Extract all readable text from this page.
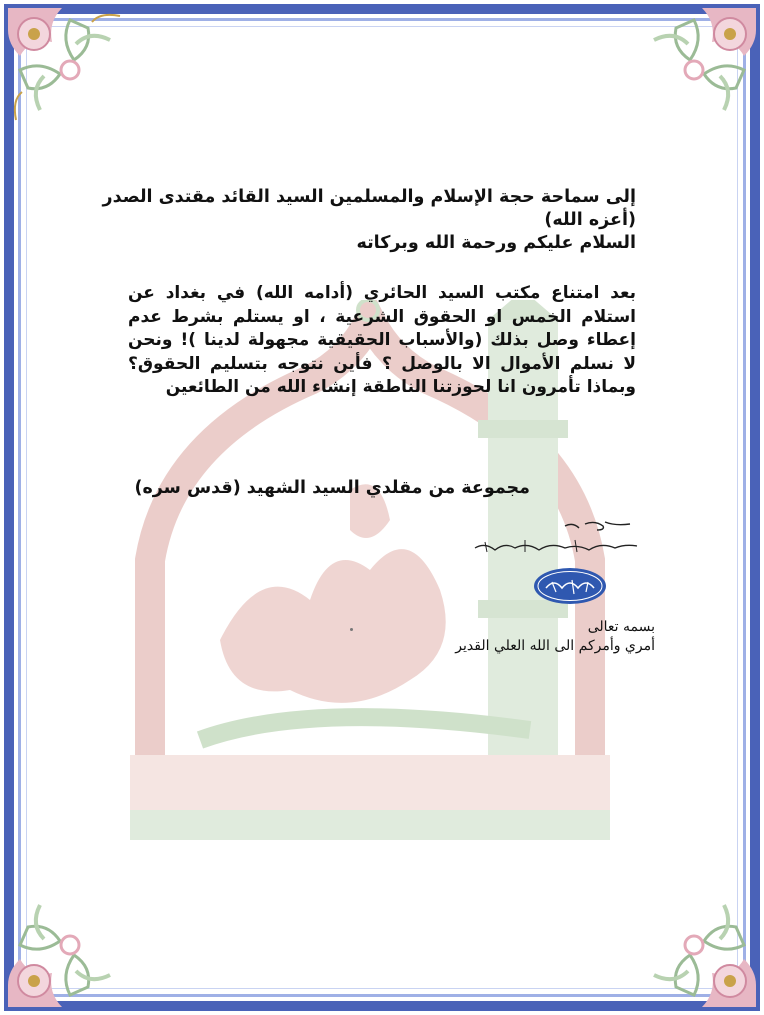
إلى سماحة حجة الإسلام والمسلمين السيد القائد مقتدى الصدر
(أعزه الله)
السلام عليكم ورحمة الله وبركاته
بعد امتناع مكتب السيد الحائري (أدامه الله) في بغداد عن استلام الخمس او الحقوق الشرعية ، او يستلم بشرط عدم إعطاء وصل بذلك (والأسباب الحقيقية مجهولة لدينا )! ونحن لا نسلم الأموال الا بالوصل ؟ فأين نتوجه بتسليم الحقوق؟ وبماذا تأمرون انا لحوزتنا الناطقة إنشاء الله من الطائعين
مجموعة من مقلدي السيد الشهيد (قدس سره)
بسمه تعالى
أمري وأمركم الى الله العلي القدير
